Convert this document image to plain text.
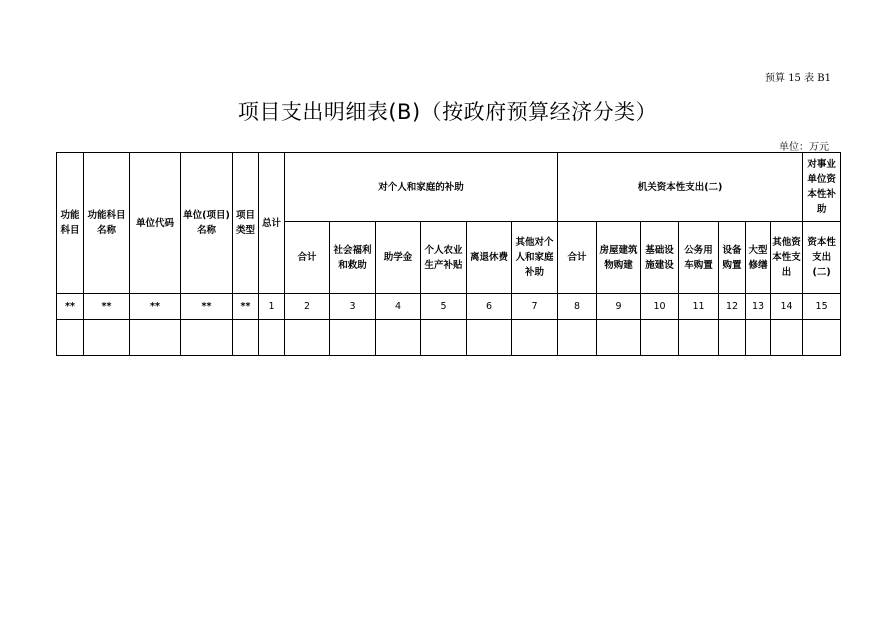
预算 15 表 B1
项目支出明细表(B)（按政府预算经济分类）
单位：万元
功能科目	功能科目名称	单位代码	单位(项目)名称	项目类型	总计	对个人和家庭的补助						机关资本性支出(二)							对事业单位资本性补助
						合计	社会福利和救助	助学金	个人农业生产补贴	离退休费	其他对个人和家庭补助	合计	房屋建筑物购建	基础设施建设	公务用车购置	设备购置	大型修缮	其他资本性支出	资本性支出(二)
**	**	**	**	**	1	2	3	4	5	6	7	8	9	10	11	12	13	14	15
